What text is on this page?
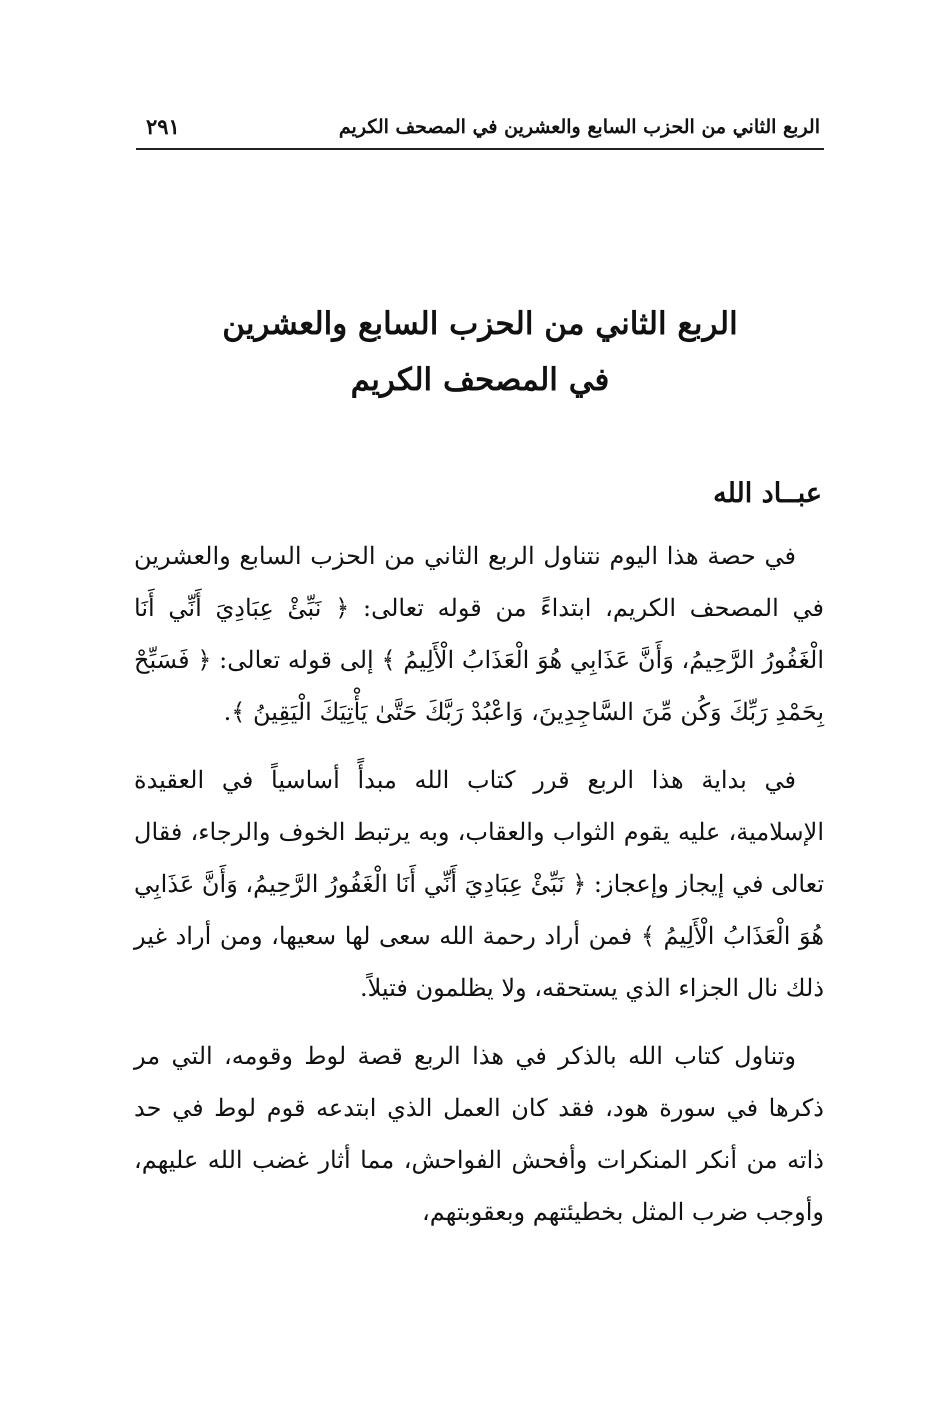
الربع الثاني من الحزب السابع والعشرين في المصحف الكريم
٢٩١
الربع الثاني من الحزب السابع والعشرين
في المصحف الكريم
عبــاد الله

في حصة هذا اليوم نتناول الربع الثاني من الحزب السابع والعشرين في المصحف الكريم، ابتداءً من قوله تعالى: ﴿ نَبِّئْ عِبَادِيَ أَنِّي أَنَا الْغَفُورُ الرَّحِيمُ، وَأَنَّ عَذَابِي هُوَ الْعَذَابُ الْأَلِيمُ ﴾ إلى قوله تعالى: ﴿ فَسَبِّحْ بِحَمْدِ رَبِّكَ وَكُن مِّنَ السَّاجِدِينَ، وَاعْبُدْ رَبَّكَ حَتَّىٰ يَأْتِيَكَ الْيَقِينُ ﴾.

في بداية هذا الربع قرر كتاب الله مبدأً أساسياً في العقيدة الإسلامية، عليه يقوم الثواب والعقاب، وبه يرتبط الخوف والرجاء، فقال تعالى في إيجاز وإعجاز: ﴿ نَبِّئْ عِبَادِيَ أَنِّي أَنَا الْغَفُورُ الرَّحِيمُ، وَأَنَّ عَذَابِي هُوَ الْعَذَابُ الْأَلِيمُ ﴾ فمن أراد رحمة الله سعى لها سعيها، ومن أراد غير ذلك نال الجزاء الذي يستحقه، ولا يظلمون فتيلاً.

وتناول كتاب الله بالذكر في هذا الربع قصة لوط وقومه، التي مر ذكرها في سورة هود، فقد كان العمل الذي ابتدعه قوم لوط في حد ذاته من أنكر المنكرات وأفحش الفواحش، مما أثار غضب الله عليهم، وأوجب ضرب المثل بخطيئتهم وبعقوبتهم،
